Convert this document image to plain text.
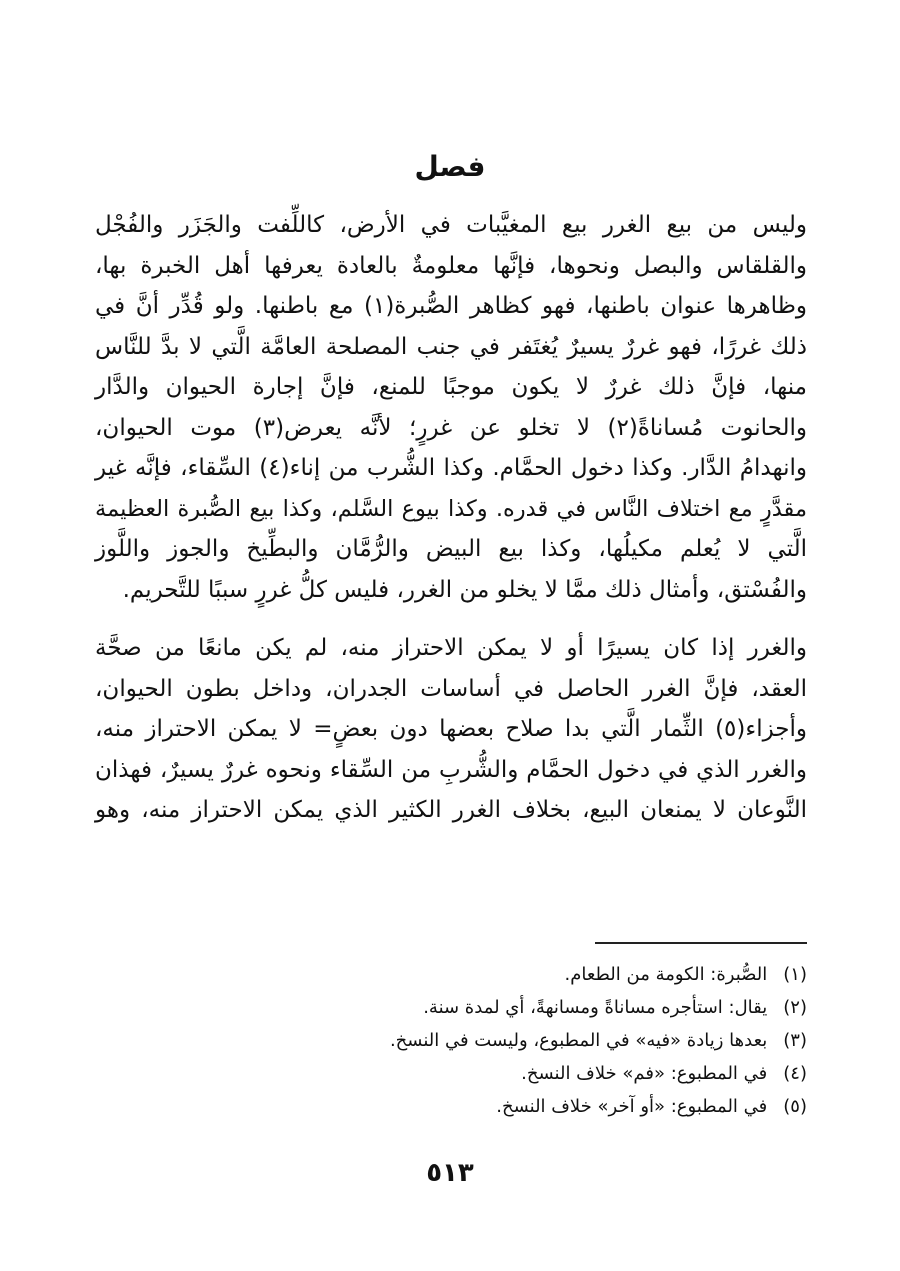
فصل
وليس من بيع الغرر بيع المغيَّبات في الأرض، كاللِّفت والجَزَر والفُجْل
والقلقاس والبصل ونحوها، فإنَّها معلومةٌ بالعادة يعرفها أهل الخبرة بها،
وظاهرها عنوان باطنها، فهو كظاهر الصُّبرة(١) مع باطنها. ولو قُدِّر أنَّ في
ذلك غررًا، فهو غررٌ يسيرٌ يُغتَفر في جنب المصلحة العامَّة الَّتي لا بدَّ للنَّاس
منها، فإنَّ ذلك غررٌ لا يكون موجبًا للمنع، فإنَّ إجارة الحيوان والدَّار
والحانوت مُساناةً(٢) لا تخلو عن غررٍ؛ لأنَّه يعرض(٣) موت الحيوان،
وانهدامُ الدَّار. وكذا دخول الحمَّام. وكذا الشُّرب من إناء(٤) السِّقاء، فإنَّه غير
مقدَّرٍ مع اختلاف النَّاس في قدره. وكذا بيوع السَّلم، وكذا بيع الصُّبرة العظيمة
الَّتي لا يُعلم مكيلُها، وكذا بيع البيض والرُّمَّان والبطِّيخ والجوز واللَّوز
والفُسْتق، وأمثال ذلك ممَّا لا يخلو من الغرر، فليس كلُّ غررٍ سببًا للتَّحريم.
والغرر إذا كان يسيرًا أو لا يمكن الاحتراز منه، لم يكن مانعًا من صحَّة
العقد، فإنَّ الغرر الحاصل في أساسات الجدران، وداخل بطون الحيوان،
وأجزاء(٥) الثِّمار الَّتي بدا صلاح بعضها دون بعضٍ= لا يمكن الاحتراز منه،
والغرر الذي في دخول الحمَّام والشُّربِ من السِّقاء ونحوه غررٌ يسيرٌ، فهذان
النَّوعان لا يمنعان البيع، بخلاف الغرر الكثير الذي يمكن الاحتراز منه، وهو
(١) الصُّبرة: الكومة من الطعام.
(٢) يقال: استأجره مساناةً ومسانهةً، أي لمدة سنة.
(٣) بعدها زيادة «فيه» في المطبوع، وليست في النسخ.
(٤) في المطبوع: «فم» خلاف النسخ.
(٥) في المطبوع: «أو آخر» خلاف النسخ.
٥١٣
